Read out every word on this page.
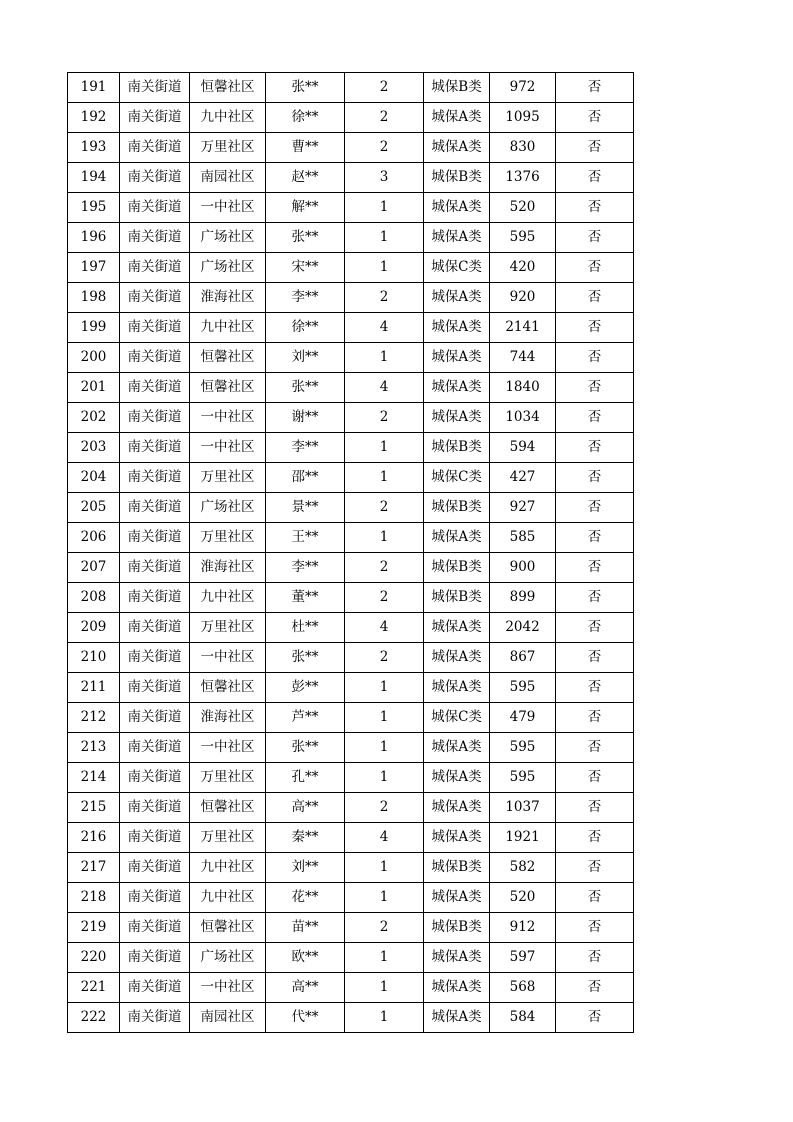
191	南关街道	恒馨社区	张**	2	城保B类	972	否
192	南关街道	九中社区	徐**	2	城保A类	1095	否
193	南关街道	万里社区	曹**	2	城保A类	830	否
194	南关街道	南园社区	赵**	3	城保B类	1376	否
195	南关街道	一中社区	解**	1	城保A类	520	否
196	南关街道	广场社区	张**	1	城保A类	595	否
197	南关街道	广场社区	宋**	1	城保C类	420	否
198	南关街道	淮海社区	李**	2	城保A类	920	否
199	南关街道	九中社区	徐**	4	城保A类	2141	否
200	南关街道	恒馨社区	刘**	1	城保A类	744	否
201	南关街道	恒馨社区	张**	4	城保A类	1840	否
202	南关街道	一中社区	谢**	2	城保A类	1034	否
203	南关街道	一中社区	李**	1	城保B类	594	否
204	南关街道	万里社区	邵**	1	城保C类	427	否
205	南关街道	广场社区	景**	2	城保B类	927	否
206	南关街道	万里社区	王**	1	城保A类	585	否
207	南关街道	淮海社区	李**	2	城保B类	900	否
208	南关街道	九中社区	董**	2	城保B类	899	否
209	南关街道	万里社区	杜**	4	城保A类	2042	否
210	南关街道	一中社区	张**	2	城保A类	867	否
211	南关街道	恒馨社区	彭**	1	城保A类	595	否
212	南关街道	淮海社区	芦**	1	城保C类	479	否
213	南关街道	一中社区	张**	1	城保A类	595	否
214	南关街道	万里社区	孔**	1	城保A类	595	否
215	南关街道	恒馨社区	高**	2	城保A类	1037	否
216	南关街道	万里社区	秦**	4	城保A类	1921	否
217	南关街道	九中社区	刘**	1	城保B类	582	否
218	南关街道	九中社区	花**	1	城保A类	520	否
219	南关街道	恒馨社区	苗**	2	城保B类	912	否
220	南关街道	广场社区	欧**	1	城保A类	597	否
221	南关街道	一中社区	高**	1	城保A类	568	否
222	南关街道	南园社区	代**	1	城保A类	584	否
